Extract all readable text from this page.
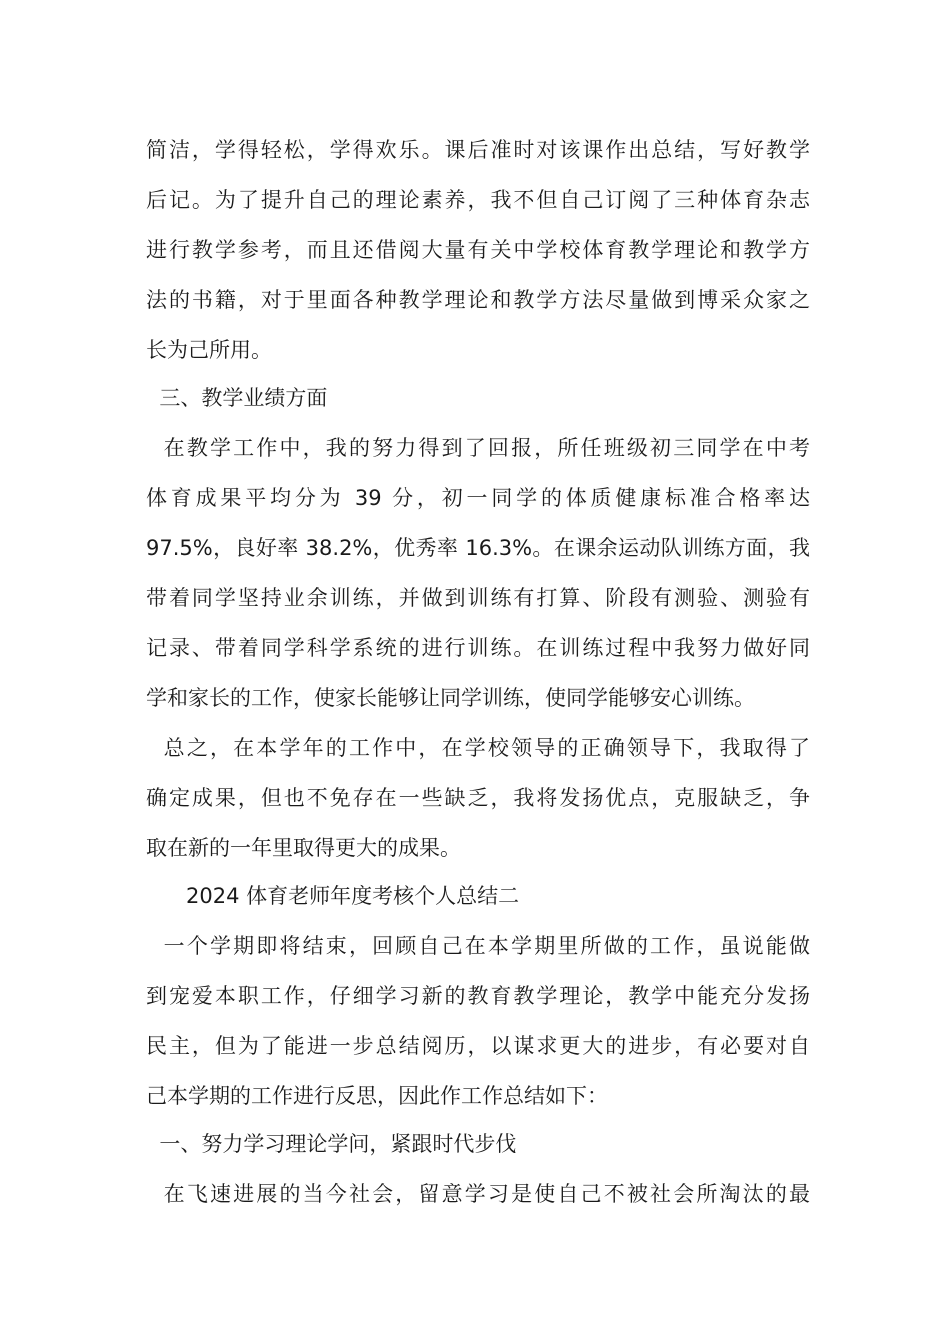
简洁，学得轻松，学得欢乐。课后准时对该课作出总结，写好教学

后记。为了提升自己的理论素养，我不但自己订阅了三种体育杂志

进行教学参考，而且还借阅大量有关中学校体育教学理论和教学方

法的书籍，对于里面各种教学理论和教学方法尽量做到博采众家之

长为己所用。

三、教学业绩方面

在教学工作中，我的努力得到了回报，所任班级初三同学在中考

体育成果平均分为 39 分，初一同学的体质健康标准合格率达

97.5%，良好率 38.2%，优秀率 16.3%。在课余运动队训练方面，我

带着同学坚持业余训练，并做到训练有打算、阶段有测验、测验有

记录、带着同学科学系统的进行训练。在训练过程中我努力做好同

学和家长的工作，使家长能够让同学训练，使同学能够安心训练。

总之，在本学年的工作中，在学校领导的正确领导下，我取得了

确定成果，但也不免存在一些缺乏，我将发扬优点，克服缺乏，争

取在新的一年里取得更大的成果。

2024 体育老师年度考核个人总结二

一个学期即将结束，回顾自己在本学期里所做的工作，虽说能做

到宠爱本职工作，仔细学习新的教育教学理论，教学中能充分发扬

民主，但为了能进一步总结阅历，以谋求更大的进步，有必要对自

己本学期的工作进行反思，因此作工作总结如下：

一、努力学习理论学问，紧跟时代步伐

在飞速进展的当今社会，留意学习是使自己不被社会所淘汰的最
